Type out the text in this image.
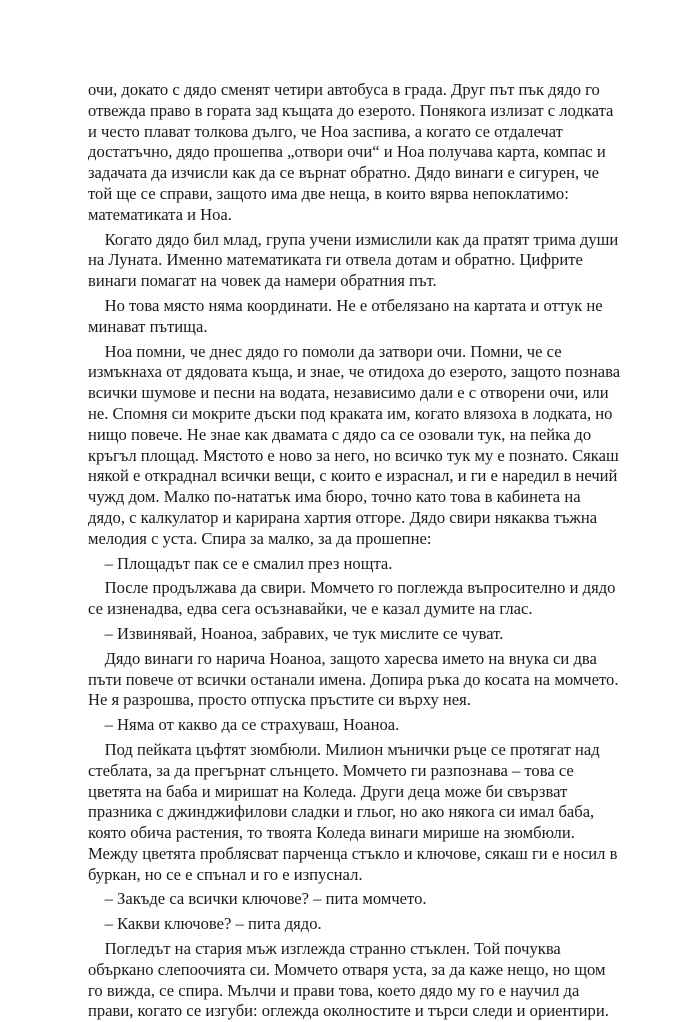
очи, докато с дядо сменят четири автобуса в града. Друг път пък дядо го
отвежда право в гората зад къщата до езерото. Понякога излизат с лодката
и често плават толкова дълго, че Ноа заспива, а когато се отдалечат
достатъчно, дядо прошепва „отвори очи“ и Ноа получава карта, компас и
задачата да изчисли как да се върнат обратно. Дядо винаги е сигурен, че
той ще се справи, защото има две неща, в които вярва непоклатимо:
математиката и Ноа.
Когато дядо бил млад, група учени измислили как да пратят трима души
на Луната. Именно математиката ги отвела дотам и обратно. Цифрите
винаги помагат на човек да намери обратния път.
Но това място няма координати. Не е отбелязано на картата и оттук не
минават пътища.
Ноа помни, че днес дядо го помоли да затвори очи. Помни, че се
измъкнаха от дядовата къща, и знае, че отидоха до езерото, защото познава
всички шумове и песни на водата, независимо дали е с отворени очи, или
не. Спомня си мокрите дъски под краката им, когато влязоха в лодката, но
нищо повече. Не знае как двамата с дядо са се озовали тук, на пейка до
кръгъл площад. Мястото е ново за него, но всичко тук му е познато. Сякаш
някой е откраднал всички вещи, с които е израснал, и ги е наредил в нечий
чужд дом. Малко по-нататък има бюро, точно като това в кабинета на
дядо, с калкулатор и карирана хартия отгоре. Дядо свири някаква тъжна
мелодия с уста. Спира за малко, за да прошепне:
– Площадът пак се е смалил през нощта.
После продължава да свири. Момчето го поглежда въпросително и дядо
се изненадва, едва сега осъзнавайки, че е казал думите на глас.
– Извинявай, Ноаноа, забравих, че тук мислите се чуват.
Дядо винаги го нарича Ноаноа, защото харесва името на внука си два
пъти повече от всички останали имена. Допира ръка до косата на момчето.
Не я разрошва, просто отпуска пръстите си върху нея.
– Няма от какво да се страхуваш, Ноаноа.
Под пейката цъфтят зюмбюли. Милион мънички ръце се протягат над
стеблата, за да прегърнат слънцето. Момчето ги разпознава – това се
цветята на баба и миришат на Коледа. Други деца може би свързват
празника с джинджифилови сладки и гльог, но ако някога си имал баба,
която обича растения, то твоята Коледа винаги мирише на зюмбюли.
Между цветята проблясват парченца стъкло и ключове, сякаш ги е носил в
буркан, но се е спънал и го е изпуснал.
– Закъде са всички ключове? – пита момчето.
– Какви ключове? – пита дядо.
Погледът на стария мъж изглежда странно стъклен. Той почуква
объркано слепоочията си. Момчето отваря уста, за да каже нещо, но щом
го вижда, се спира. Мълчи и прави това, което дядо му го е научил да
прави, когато се изгуби: оглежда околностите и търси следи и ориентири.
